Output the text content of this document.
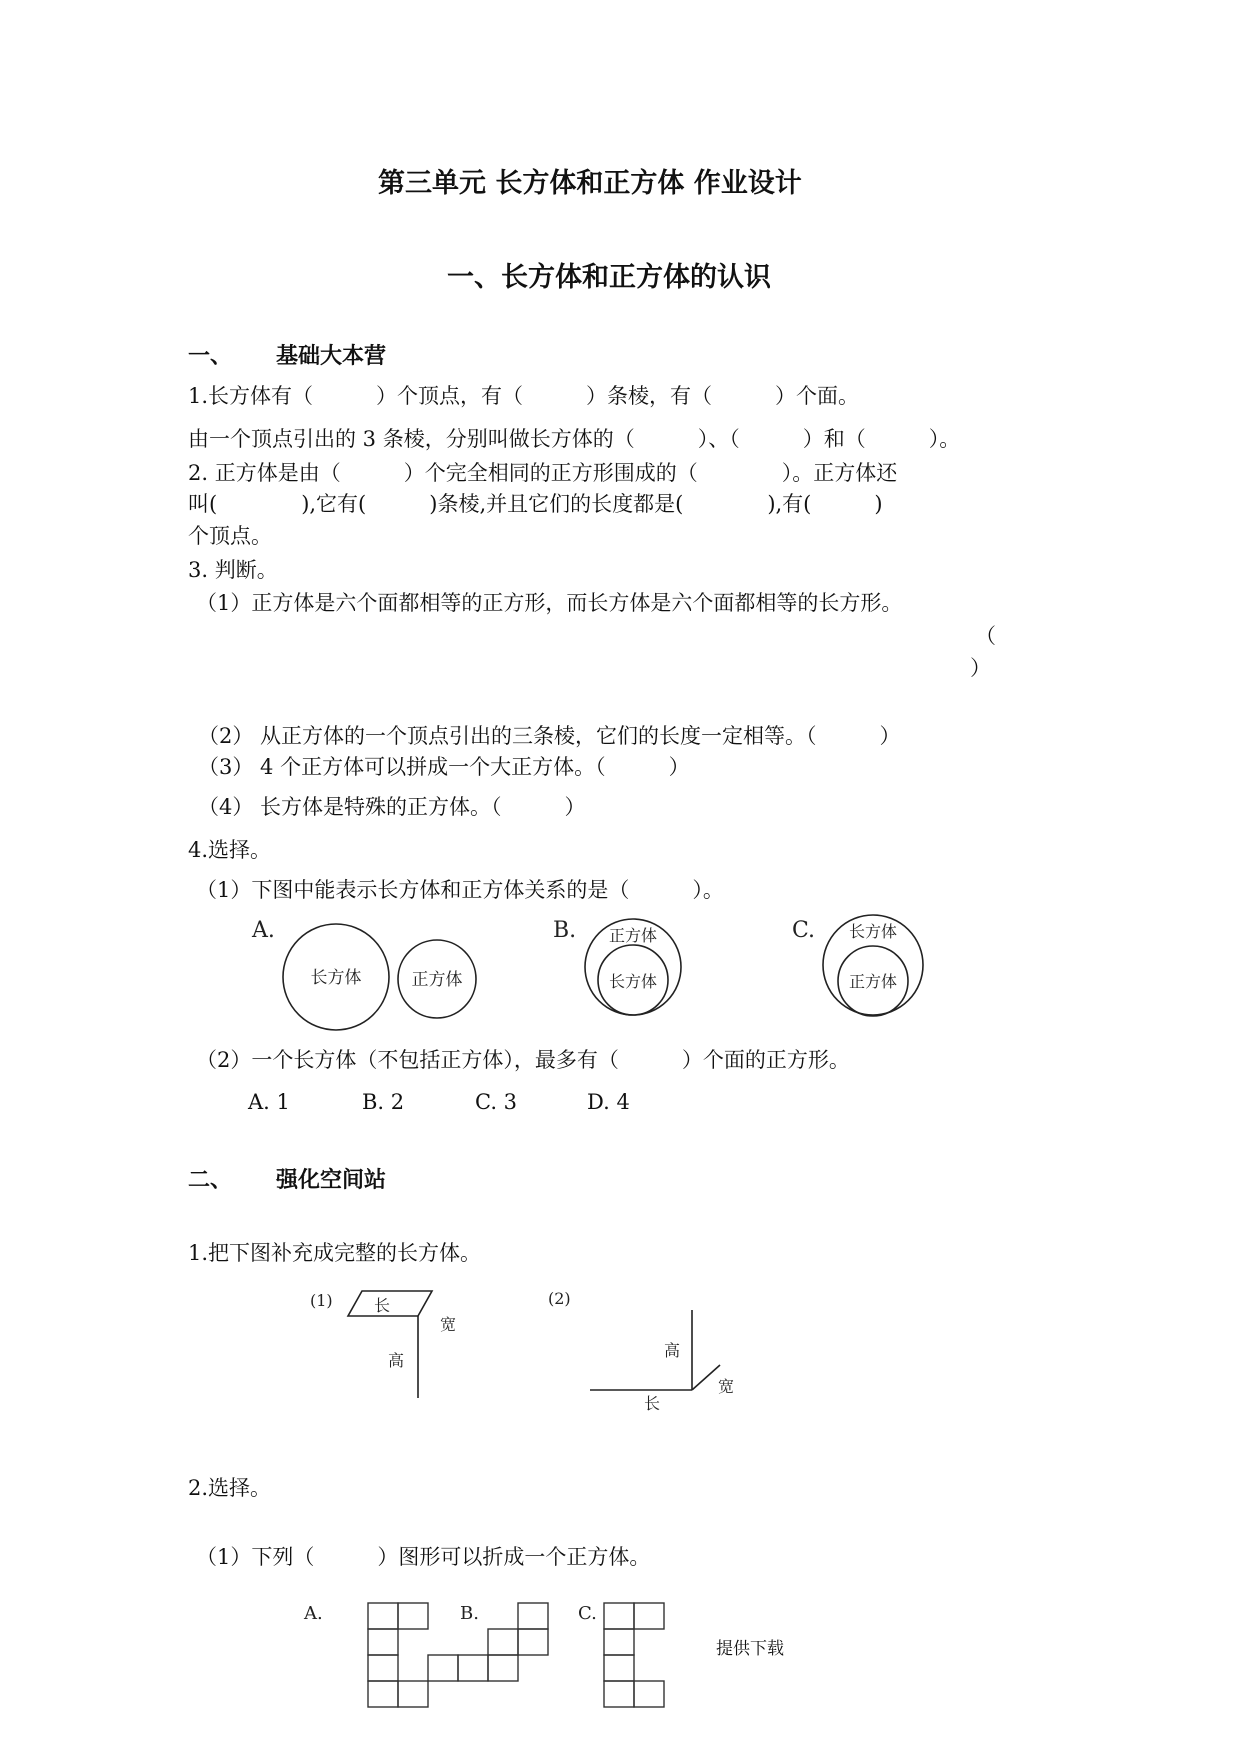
第三单元 长方体和正方体 作业设计
一、长方体和正方体的认识
一、 基础大本营
1.长方体有（　　　）个顶点，有（　　　）条棱，有（　　　）个面。
由一个顶点引出的 3 条棱，分别叫做长方体的（　　　）、（　　　）和（　　　）。
2. 正方体是由（　　　）个完全相同的正方形围成的（　　　　）。正方体还
叫(　　　　),它有(　　　)条棱,并且它们的长度都是(　　　　),有(　　　)
个顶点。
3. 判断。
（1）正方体是六个面都相等的正方形，而长方体是六个面都相等的长方形。
（
）
（2） 从正方体的一个顶点引出的三条棱，它们的长度一定相等。（　　　）
（3） 4 个正方体可以拼成一个大正方体。（　　　）
（4） 长方体是特殊的正方体。（　　　）
4.选择。
（1）下图中能表示长方体和正方体关系的是（　　　）。
A.
长方体	正方体
B. 正方体
长方体
C. 长方体
正方体
（2）一个长方体（不包括正方体），最多有（　　　）个面的正方形。
A. 1	B. 2	C. 3	D. 4
二、 强化空间站
1.把下图补充成完整的长方体。
(1)	长
宽
高
(2)
高
宽
长
2.选择。
（1）下列（　　　）图形可以折成一个正方体。
A.	B.	C.
提供下载
